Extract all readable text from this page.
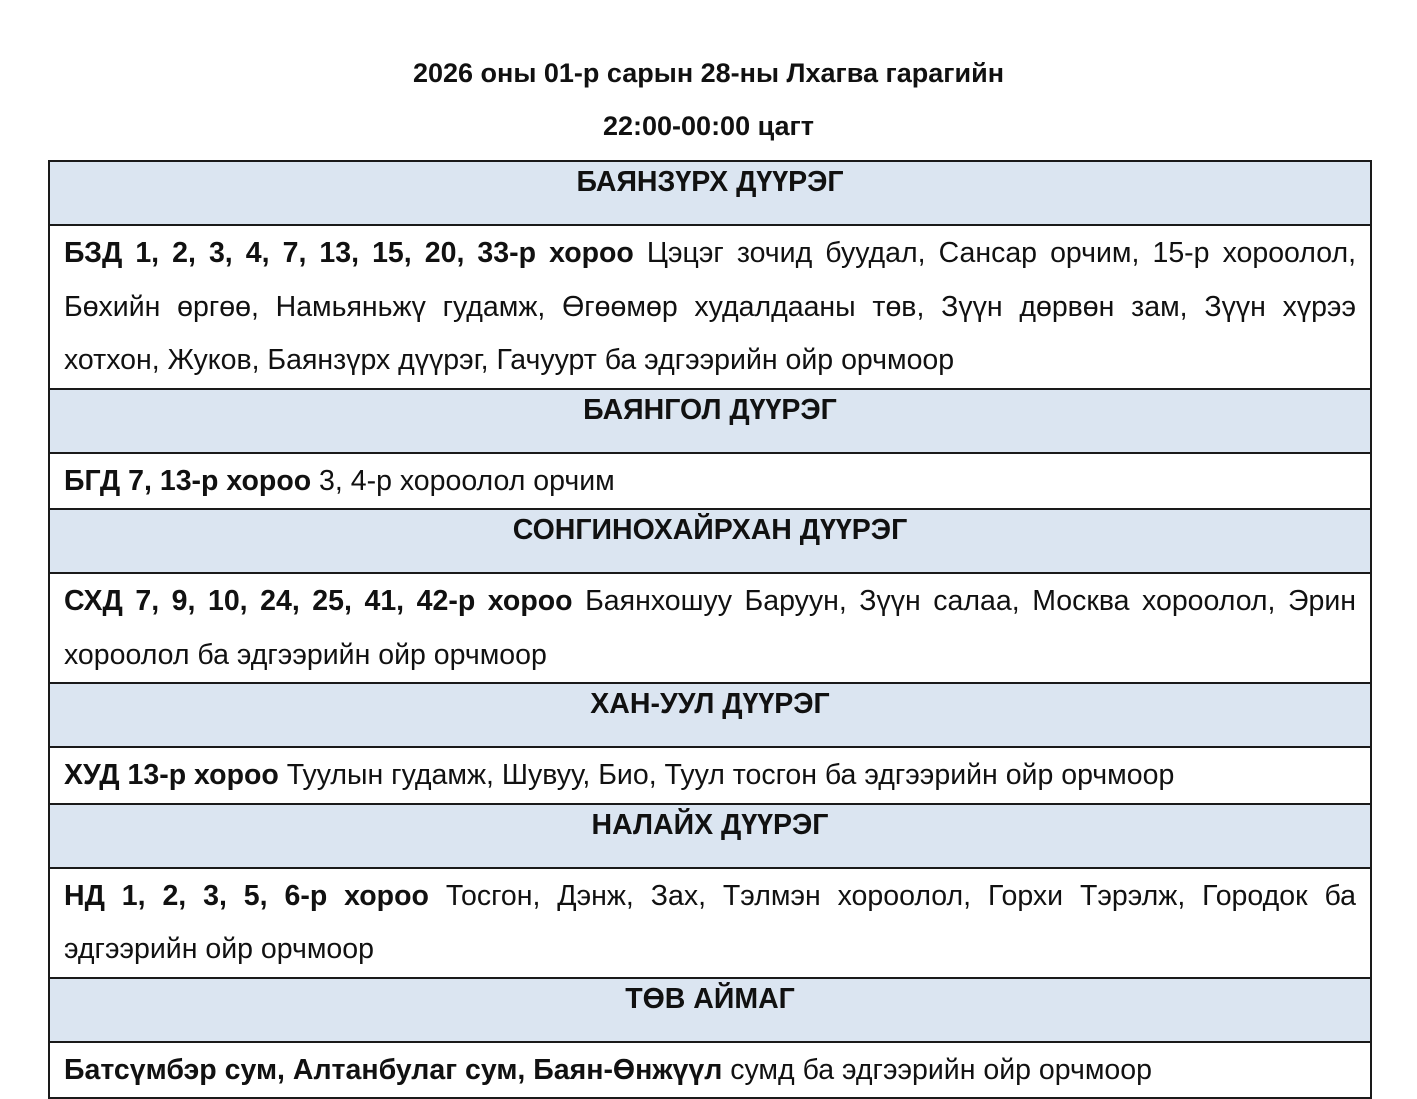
2026 оны 01-р сарын 28-ны Лхагва гарагийн
22:00-00:00 цагт
БАЯНЗҮРХ ДҮҮРЭГ
БЗД 1, 2, 3, 4, 7, 13, 15, 20, 33-р хороо Цэцэг зочид буудал, Сансар орчим, 15-р хороолол, Бөхийн өргөө, Намьяньжү гудамж, Өгөөмөр худалдааны төв, Зүүн дөрвөн зам, Зүүн хүрээ хотхон, Жуков, Баянзүрх дүүрэг, Гачуурт ба эдгээрийн ойр орчмоор
БАЯНГОЛ ДҮҮРЭГ
БГД 7, 13-р хороо 3, 4-р хороолол орчим
СОНГИНОХАЙРХАН ДҮҮРЭГ
СХД 7, 9, 10, 24, 25, 41, 42-р хороо Баянхошуу Баруун, Зүүн салаа, Москва хороолол, Эрин хороолол ба эдгээрийн ойр орчмоор
ХАН-УУЛ ДҮҮРЭГ
ХУД 13-р хороо Туулын гудамж, Шувуу, Био, Туул тосгон ба эдгээрийн ойр орчмоор
НАЛАЙХ ДҮҮРЭГ
НД 1, 2, 3, 5, 6-р хороо Тосгон, Дэнж, Зах, Тэлмэн хороолол, Горхи Тэрэлж, Городок ба эдгээрийн ойр орчмоор
ТӨВ АЙМАГ
Батсүмбэр сум, Алтанбулаг сум, Баян-Өнжүүл сумд ба эдгээрийн ойр орчмоор
